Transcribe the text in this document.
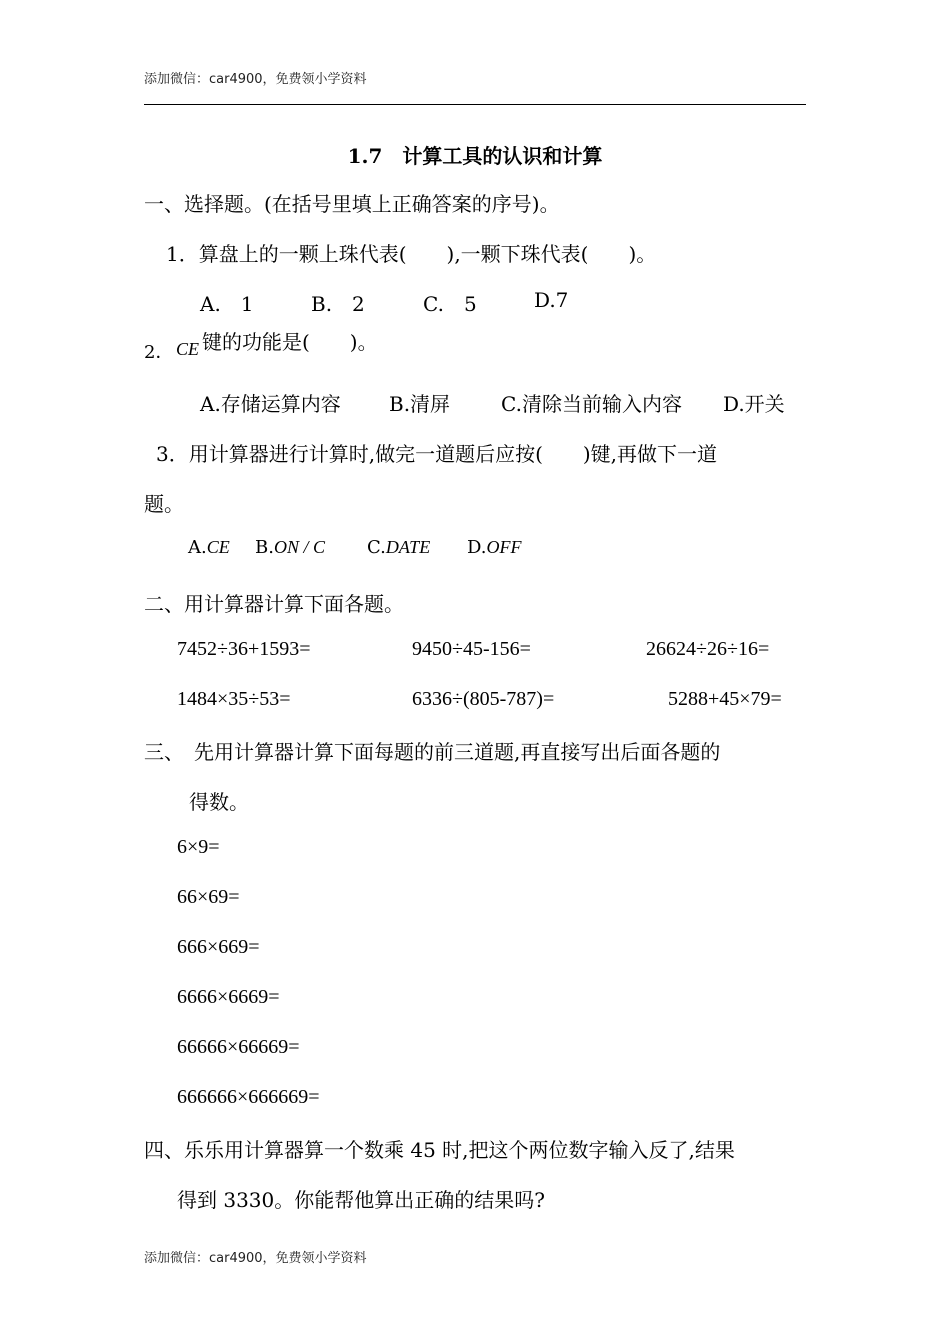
添加微信：car4900，免费领小学资料
1.7　计算工具的认识和计算
一、选择题。(在括号里填上正确答案的序号)。
1．算盘上的一颗上珠代表(　　),一颗下珠代表(　　)。
A.　1	B.　2	C.　5	D.7
2． CE 键的功能是(　　)。
A.存储运算内容 B.清屏	C.清除当前输入内容 D.开关
3．用计算器进行计算时,做完一道题后应按(　　)键,再做下一道
题。
A.CE B.ON / C C.DATE D.OFF
二、用计算器计算下面各题。
7452÷36+1593=	9450÷45-156=	26624÷26÷16=
1484×35÷53=	6336÷(805-787)=	5288+45×79=
三、　先用计算器计算下面每题的前三道题,再直接写出后面各题的
得数。
6×9=
66×69=
666×669=
6666×6669=
66666×66669=
666666×666669=
四、乐乐用计算器算一个数乘 45 时,把这个两位数字输入反了,结果
得到 3330。你能帮他算出正确的结果吗?
添加微信：car4900，免费领小学资料
